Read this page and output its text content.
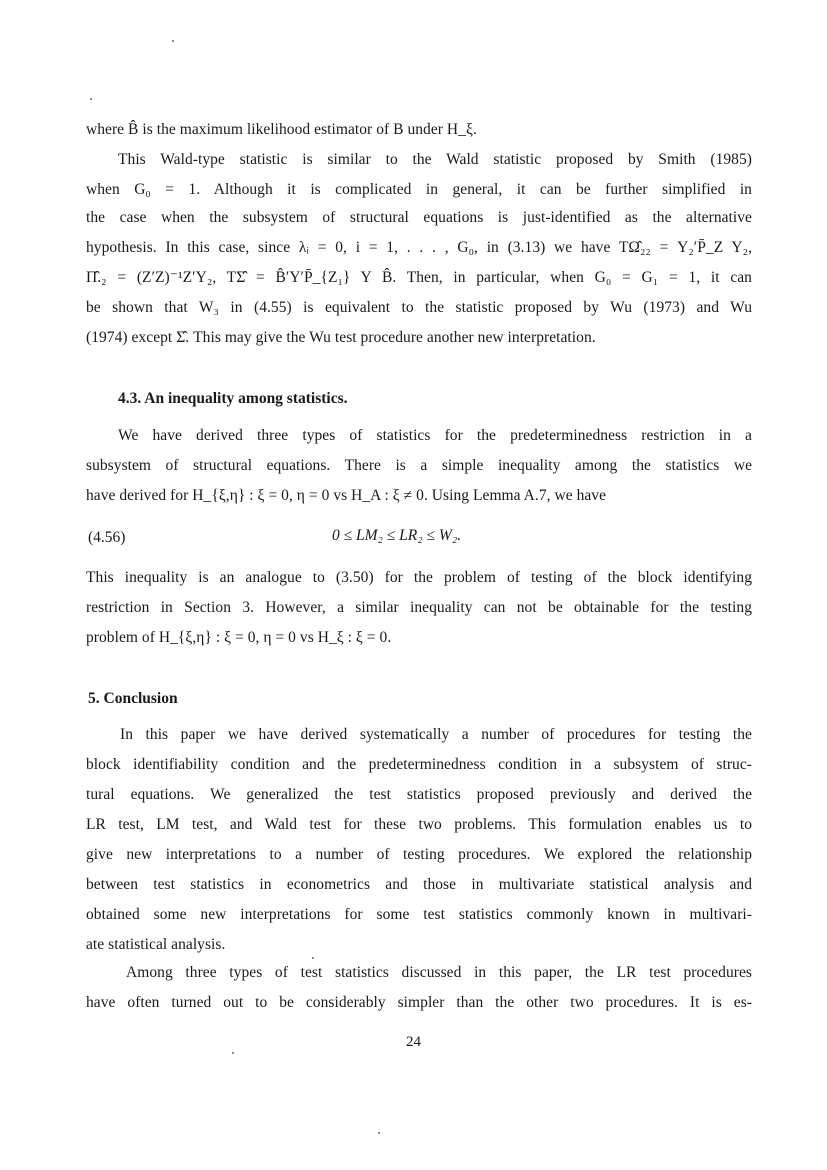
where B̂ is the maximum likelihood estimator of B under H_ξ.
This Wald-type statistic is similar to the Wald statistic proposed by Smith (1985)
when G₀ = 1. Although it is complicated in general, it can be further simplified in
the case when the subsystem of structural equations is just-identified as the alternative
hypothesis. In this case, since λᵢ = 0, i = 1, . . . , G₀, in (3.13) we have TΩ̂₂₂ = Y₂′P̄_Z Y₂,
Π̂.₂ = (Z′Z)⁻¹Z′Y₂, TΣ̂ = B̂′Y′P̄_{Z₁} Y B̂. Then, in particular, when G₀ = G₁ = 1, it can
be shown that W₃ in (4.55) is equivalent to the statistic proposed by Wu (1973) and Wu
(1974) except Σ̂. This may give the Wu test procedure another new interpretation.
4.3. An inequality among statistics.
We have derived three types of statistics for the predeterminedness restriction in a
subsystem of structural equations. There is a simple inequality among the statistics we
have derived for H_{ξ,η} : ξ = 0, η = 0 vs H_A : ξ ≠ 0. Using Lemma A.7, we have
(4.56)	0 ≤ LM₂ ≤ LR₂ ≤ W₂.
This inequality is an analogue to (3.50) for the problem of testing of the block identifying
restriction in Section 3. However, a similar inequality can not be obtainable for the testing
problem of H_{ξ,η} : ξ = 0, η = 0 vs H_ξ : ξ = 0.
5. Conclusion
In this paper we have derived systematically a number of procedures for testing the
block identifiability condition and the predeterminedness condition in a subsystem of struc-
tural equations. We generalized the test statistics proposed previously and derived the
LR test, LM test, and Wald test for these two problems. This formulation enables us to
give new interpretations to a number of testing procedures. We explored the relationship
between test statistics in econometrics and those in multivariate statistical analysis and
obtained some new interpretations for some test statistics commonly known in multivari-
ate statistical analysis.
Among three types of test statistics discussed in this paper, the LR test procedures
have often turned out to be considerably simpler than the other two procedures. It is es-
24
